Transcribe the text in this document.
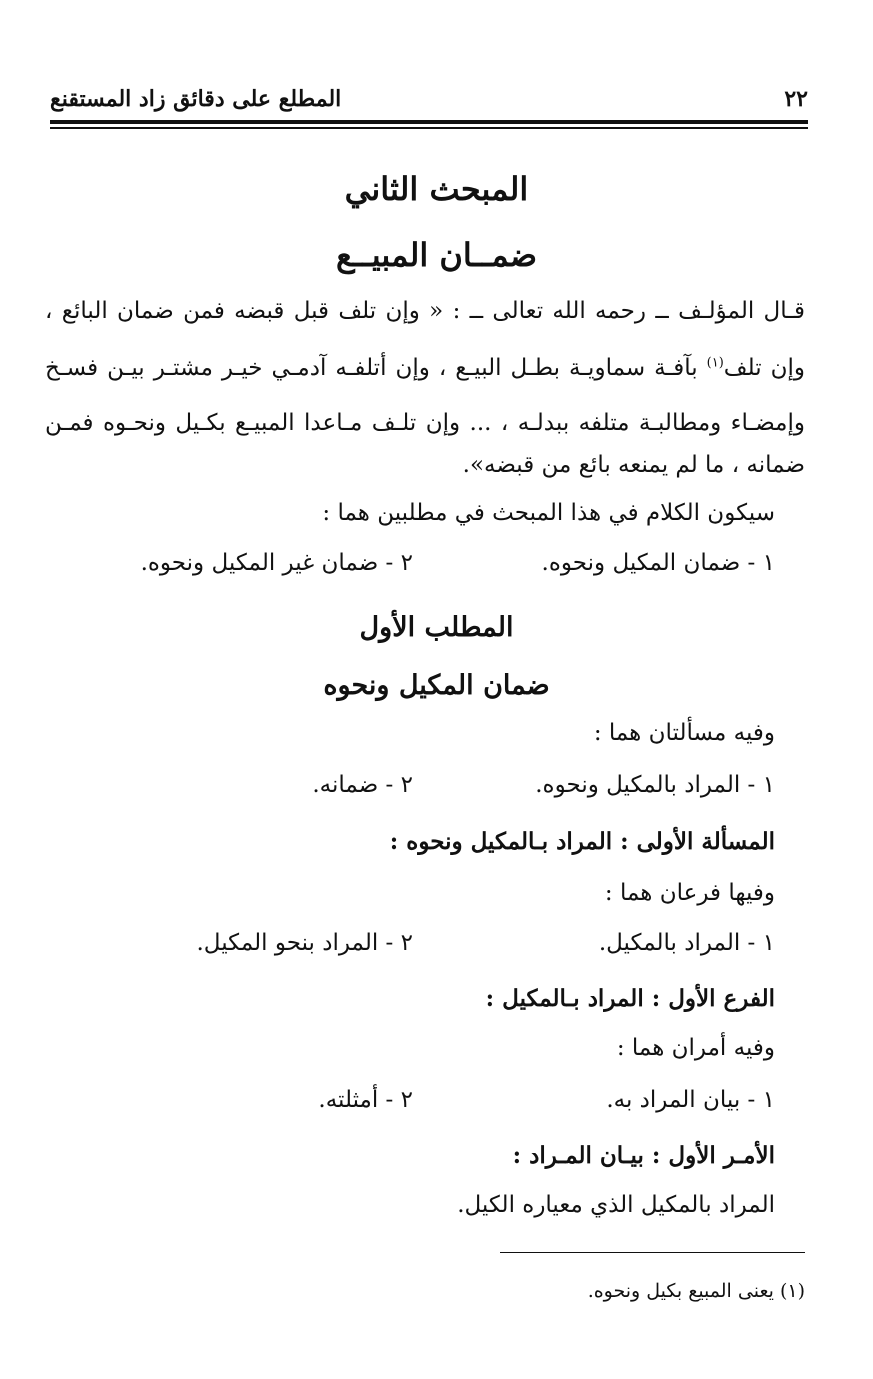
٢٢
المطلع على دقائق زاد المستقنع
المبحث الثاني
ضمــان المبيــع
قـال المؤلـف ــ رحمه الله تعالى ــ : « وإن تلف قبل قبضه فمن ضمان البائع ،
وإن تلف$^{(١)}$ بآفـة سماويـة بطـل البيـع ، وإن أتلفـه آدمـي خيـر مشتـر بيـن فسـخ
وإمضـاء ومطالبـة متلفه ببدلـه ، ... وإن تلـف مـاعدا المبيـع بكـيل ونحـوه فمـن
ضمانه ، ما لم يمنعه بائع من قبضه».
سيكون الكلام في هذا المبحث في مطلبين هما :
١ - ضمان المكيل ونحوه.
٢ - ضمان غير المكيل ونحوه.
المطلب الأول
ضمان المكيل ونحوه
وفيه مسألتان هما :
١ - المراد بالمكيل ونحوه.
٢ - ضمانه.
المسألة الأولى : المراد بـالمكيل ونحوه :
وفيها فرعان هما :
١ - المراد بالمكيل.
٢ - المراد بنحو المكيل.
الفرع الأول : المراد بـالمكيل :
وفيه أمران هما :
١ - بيان المراد به.
٢ - أمثلته.
الأمـر الأول : بيـان المـراد :
المراد بالمكيل الذي معياره الكيل.
(١) يعنى المبيع بكيل ونحوه.
